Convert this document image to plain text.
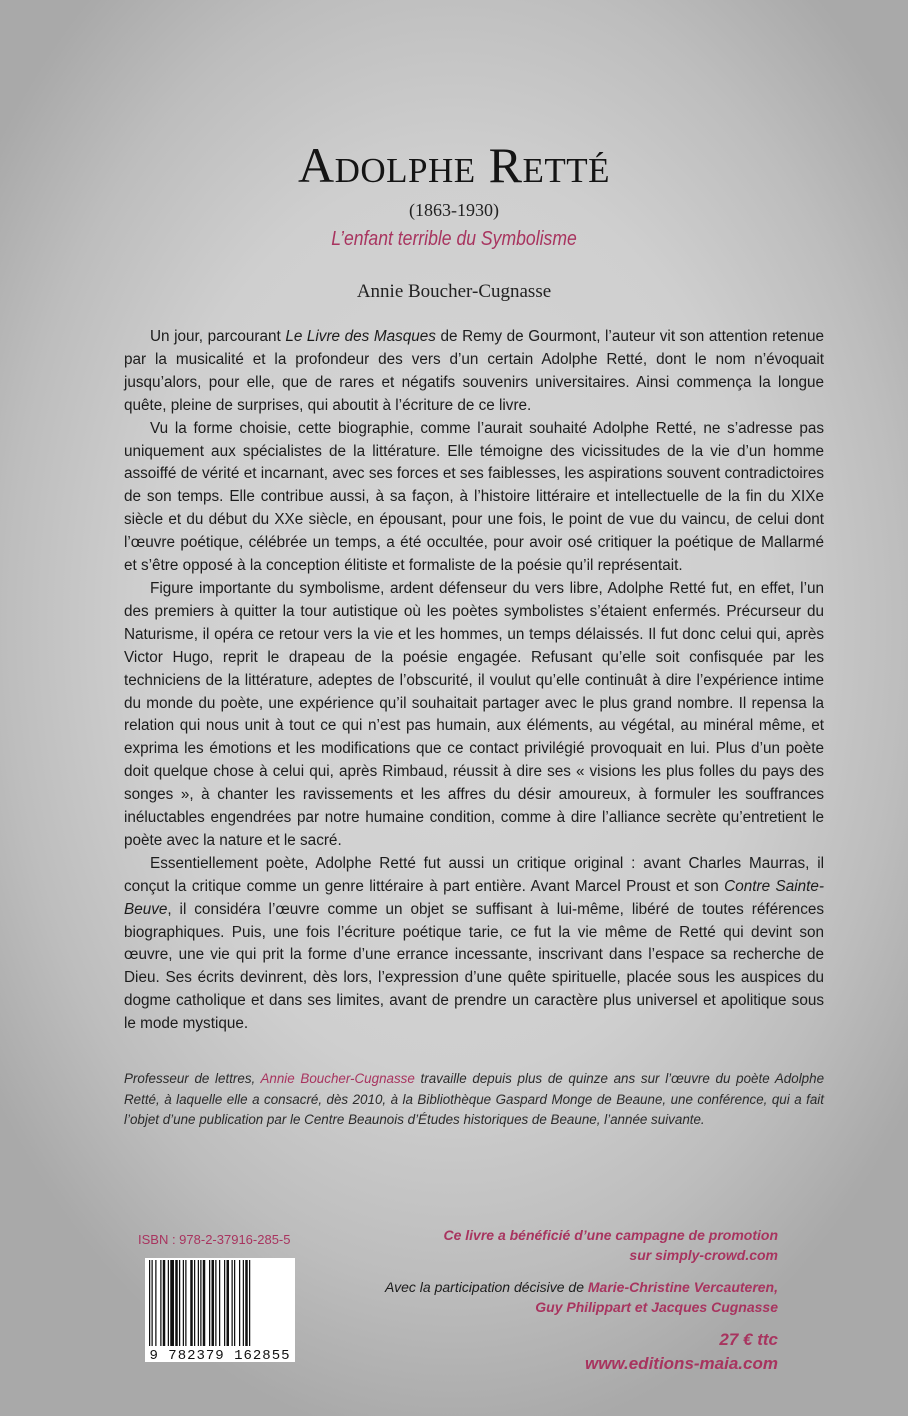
Adolphe Retté
(1863-1930)
L’enfant terrible du Symbolisme
Annie Boucher-Cugnasse

Un jour, parcourant Le Livre des Masques de Remy de Gourmont, l’auteur vit son attention retenue par la musicalité et la profondeur des vers d’un certain Adolphe Retté, dont le nom n’évoquait jusqu’alors, pour elle, que de rares et négatifs souvenirs universitaires. Ainsi commença la longue quête, pleine de surprises, qui aboutit à l’écriture de ce livre.

Vu la forme choisie, cette biographie, comme l’aurait souhaité Adolphe Retté, ne s’adresse pas uniquement aux spécialistes de la littérature. Elle témoigne des vicissitudes de la vie d’un homme assoiffé de vérité et incarnant, avec ses forces et ses faiblesses, les aspirations souvent contradictoires de son temps. Elle contribue aussi, à sa façon, à l’histoire littéraire et intellectuelle de la fin du XIXe siècle et du début du XXe siècle, en épousant, pour une fois, le point de vue du vaincu, de celui dont l’œuvre poétique, célébrée un temps, a été occultée, pour avoir osé critiquer la poétique de Mallarmé et s’être opposé à la conception élitiste et formaliste de la poésie qu’il représentait.

Figure importante du symbolisme, ardent défenseur du vers libre, Adolphe Retté fut, en effet, l’un des premiers à quitter la tour autistique où les poètes symbolistes s’étaient enfermés. Précurseur du Naturisme, il opéra ce retour vers la vie et les hommes, un temps délaissés. Il fut donc celui qui, après Victor Hugo, reprit le drapeau de la poésie engagée. Refusant qu’elle soit confisquée par les techniciens de la littérature, adeptes de l’obscurité, il voulut qu’elle continuât à dire l’expérience intime du monde du poète, une expérience qu’il souhaitait partager avec le plus grand nombre. Il repensa la relation qui nous unit à tout ce qui n’est pas humain, aux éléments, au végétal, au minéral même, et exprima les émotions et les modifications que ce contact privilégié provoquait en lui. Plus d’un poète doit quelque chose à celui qui, après Rimbaud, réussit à dire ses « visions les plus folles du pays des songes », à chanter les ravissements et les affres du désir amoureux, à formuler les souffrances inéluctables engendrées par notre humaine condition, comme à dire l’alliance secrète qu’entretient le poète avec la nature et le sacré.

Essentiellement poète, Adolphe Retté fut aussi un critique original : avant Charles Maurras, il conçut la critique comme un genre littéraire à part entière. Avant Marcel Proust et son Contre Sainte-Beuve, il considéra l’œuvre comme un objet se suffisant à lui-même, libéré de toutes références biographiques. Puis, une fois l’écriture poétique tarie, ce fut la vie même de Retté qui devint son œuvre, une vie qui prit la forme d’une errance incessante, inscrivant dans l’espace sa recherche de Dieu. Ses écrits devinrent, dès lors, l’expression d’une quête spirituelle, placée sous les auspices du dogme catholique et dans ses limites, avant de prendre un caractère plus universel et apolitique sous le mode mystique.

Professeur de lettres, Annie Boucher-Cugnasse travaille depuis plus de quinze ans sur l’œuvre du poète Adolphe Retté, à laquelle elle a consacré, dès 2010, à la Bibliothèque Gaspard Monge de Beaune, une conférence, qui a fait l’objet d’une publication par le Centre Beaunois d’Études historiques de Beaune, l’année suivante.
ISBN : 978-2-37916-285-5
9 782379 162855
Ce livre a bénéficié d’une campagne de promotion
sur simply-crowd.com
Avec la participation décisive de Marie-Christine Vercauteren,
Guy Philippart et Jacques Cugnasse
27 € ttc
www.editions-maia.com
